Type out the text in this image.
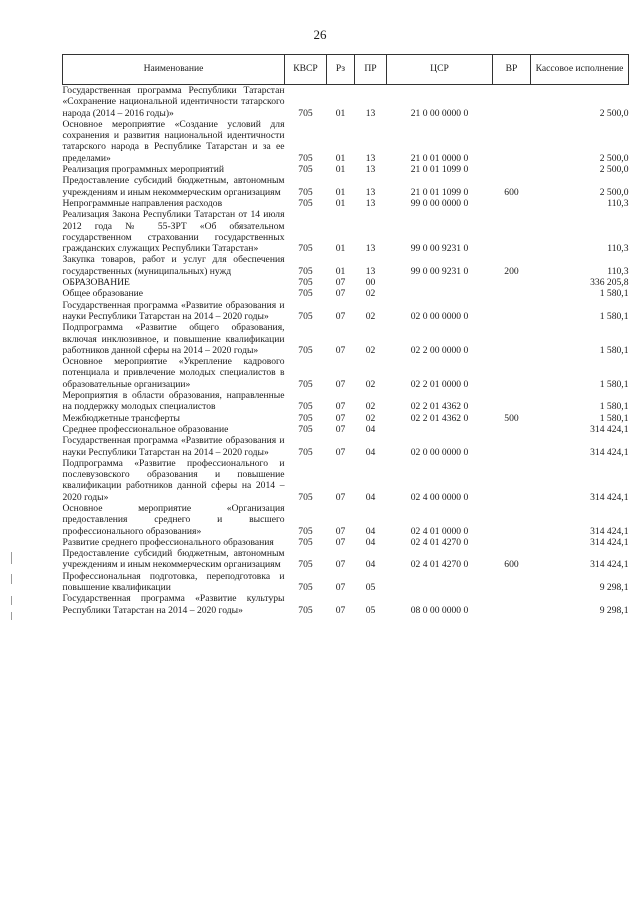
26
Наименование	КВСР	Рз	ПР	ЦСР	ВР	Кассовое исполнение
Государственная программа Республики Татарстан «Сохранение национальной идентичности татарского народа (2014 – 2016 годы)»	705	01	13	21 0 00 0000 0		2 500,0
Основное мероприятие «Создание условий для сохранения и развития национальной идентичности татарского народа в Республике Татарстан и за ее пределами»	705	01	13	21 0 01 0000 0		2 500,0
Реализация программных мероприятий	705	01	13	21 0 01 1099 0		2 500,0
Предоставление субсидий бюджетным, автономным учреждениям и иным некоммерческим организациям	705	01	13	21 0 01 1099 0	600	2 500,0
Непрограммные направления расходов	705	01	13	99 0 00 0000 0		110,3
Реализация Закона Республики Татарстан от 14 июля 2012 года № 55-ЗРТ «Об обязательном государственном страховании государственных гражданских служащих Республики Татарстан»	705	01	13	99 0 00 9231 0		110,3
Закупка товаров, работ и услуг для обеспечения государственных (муниципальных) нужд	705	01	13	99 0 00 9231 0	200	110,3
ОБРАЗОВАНИЕ	705	07	00			336 205,8
Общее образование	705	07	02			1 580,1
Государственная программа «Развитие образования и науки Республики Татарстан на 2014 – 2020 годы»	705	07	02	02 0 00 0000 0		1 580,1
Подпрограмма «Развитие общего образования, включая инклюзивное, и повышение квалификации работников данной сферы на 2014 – 2020 годы»	705	07	02	02 2 00 0000 0		1 580,1
Основное мероприятие «Укрепление кадрового потенциала и привлечение молодых специалистов в образовательные организации»	705	07	02	02 2 01 0000 0		1 580,1
Мероприятия в области образования, направленные на поддержку молодых специалистов	705	07	02	02 2 01 4362 0		1 580,1
Межбюджетные трансферты	705	07	02	02 2 01 4362 0	500	1 580,1
Среднее профессиональное образование	705	07	04			314 424,1
Государственная программа «Развитие образования и науки Республики Татарстан на 2014 – 2020 годы»	705	07	04	02 0 00 0000 0		314 424,1
Подпрограмма «Развитие профессионального и послевузовского образования и повышение квалификации работников данной сферы на 2014 – 2020 годы»	705	07	04	02 4 00 0000 0		314 424,1
Основное мероприятие «Организация предоставления среднего и высшего профессионального образования»	705	07	04	02 4 01 0000 0		314 424,1
Развитие среднего профессионального образования	705	07	04	02 4 01 4270 0		314 424,1
Предоставление субсидий бюджетным, автономным учреждениям и иным некоммерческим организациям	705	07	04	02 4 01 4270 0	600	314 424,1
Профессиональная подготовка, переподготовка и повышение квалификации	705	07	05			9 298,1
Государственная программа «Развитие культуры Республики Татарстан на 2014 – 2020 годы»	705	07	05	08 0 00 0000 0		9 298,1
